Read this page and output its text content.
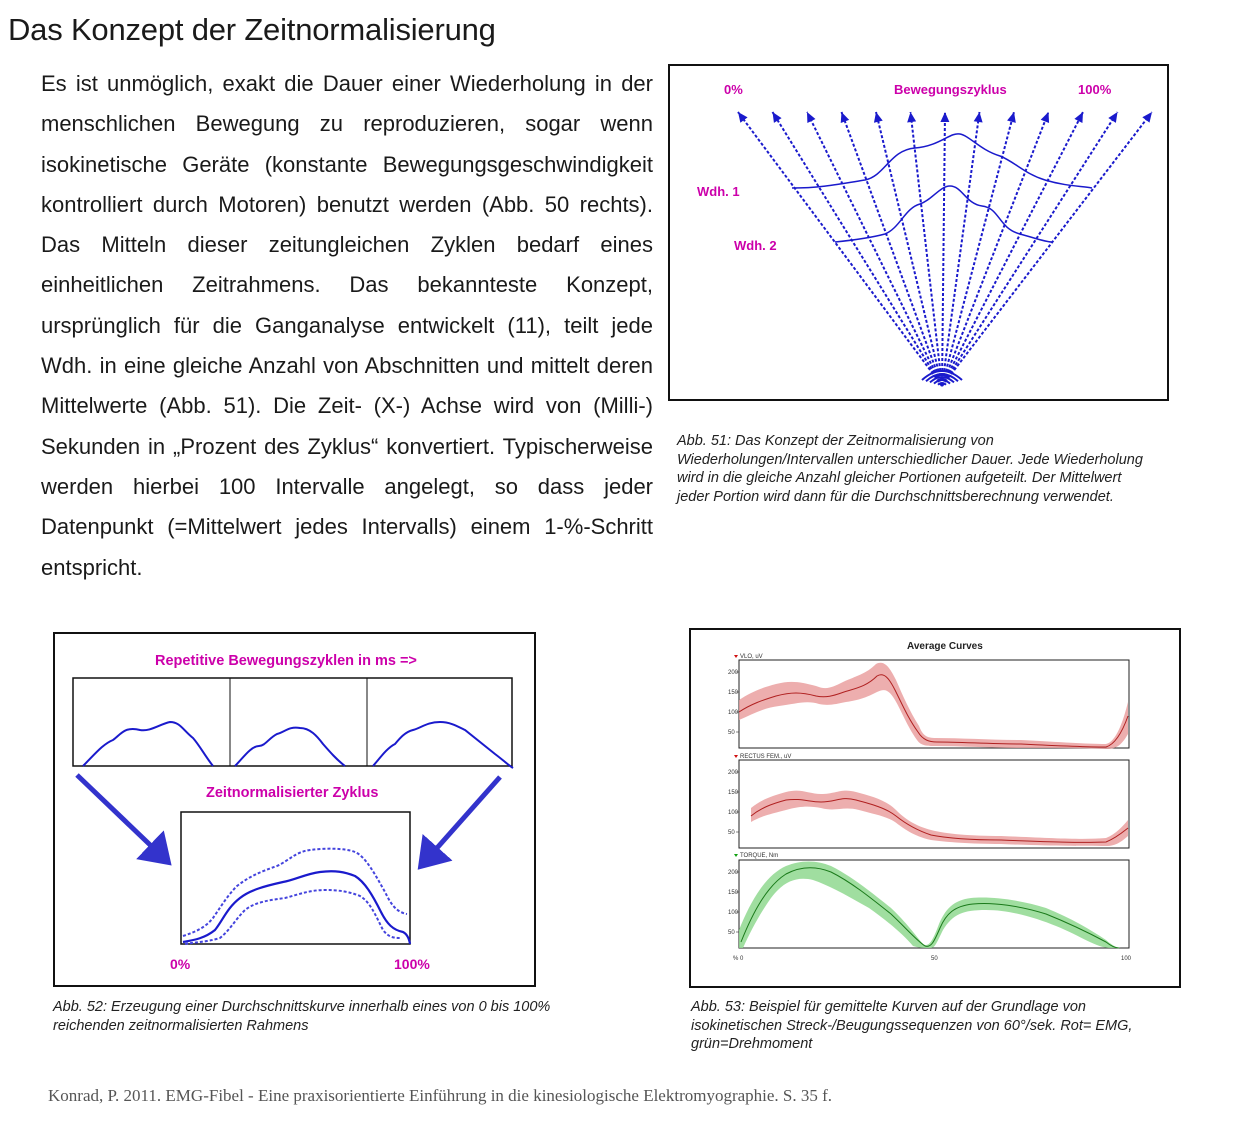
Das Konzept der Zeitnormalisierung
Es ist unmöglich, exakt die Dauer einer Wiederholung in der menschlichen Bewegung zu reproduzieren, sogar wenn isokinetische Geräte (konstante Bewegungsgeschwindigkeit kontrolliert durch Motoren) benutzt werden (Abb. 50 rechts). Das Mitteln dieser zeitungleichen Zyklen bedarf eines einheitlichen Zeitrahmens. Das bekannteste Konzept, ursprünglich für die Ganganalyse entwickelt (11), teilt jede Wdh. in eine gleiche Anzahl von Abschnitten und mittelt deren Mittelwerte (Abb. 51). Die Zeit- (X-) Achse wird von (Milli-) Sekunden in „Prozent des Zyklus“ konvertiert. Typischerweise werden hierbei 100 Intervalle angelegt, so dass jeder Datenpunkt (=Mittelwert jedes Intervalls) einem 1-%-Schritt entspricht.
0%	Bewegungszyklus	100%
Wdh. 1
Wdh. 2
Abb. 51: Das Konzept der Zeitnormalisierung von Wiederholungen/Intervallen unterschiedlicher Dauer. Jede Wiederholung wird in die gleiche Anzahl gleicher Portionen aufgeteilt. Der Mittelwert jeder Portion wird dann für die Durchschnittsberechnung verwendet.
Repetitive Bewegungszyklen in ms =>
Zeitnormalisierter Zyklus
0%	100%
Abb. 52: Erzeugung einer Durchschnittskurve innerhalb eines von 0 bis 100% reichenden zeitnormalisierten Rahmens
Average Curves
VLO, uV
RECTUS FEM., uV
TORQUE, Nm
200
150
100
50
200
150
100
50
200
150
100
50
% 0	50	100
Abb. 53: Beispiel für gemittelte Kurven auf der Grundlage von isokinetischen Streck-/Beugungssequenzen von 60°/sek. Rot= EMG, grün=Drehmoment
Konrad, P. 2011. EMG-Fibel - Eine praxisorientierte Einführung in die kinesiologische Elektromyographie. S. 35 f.
